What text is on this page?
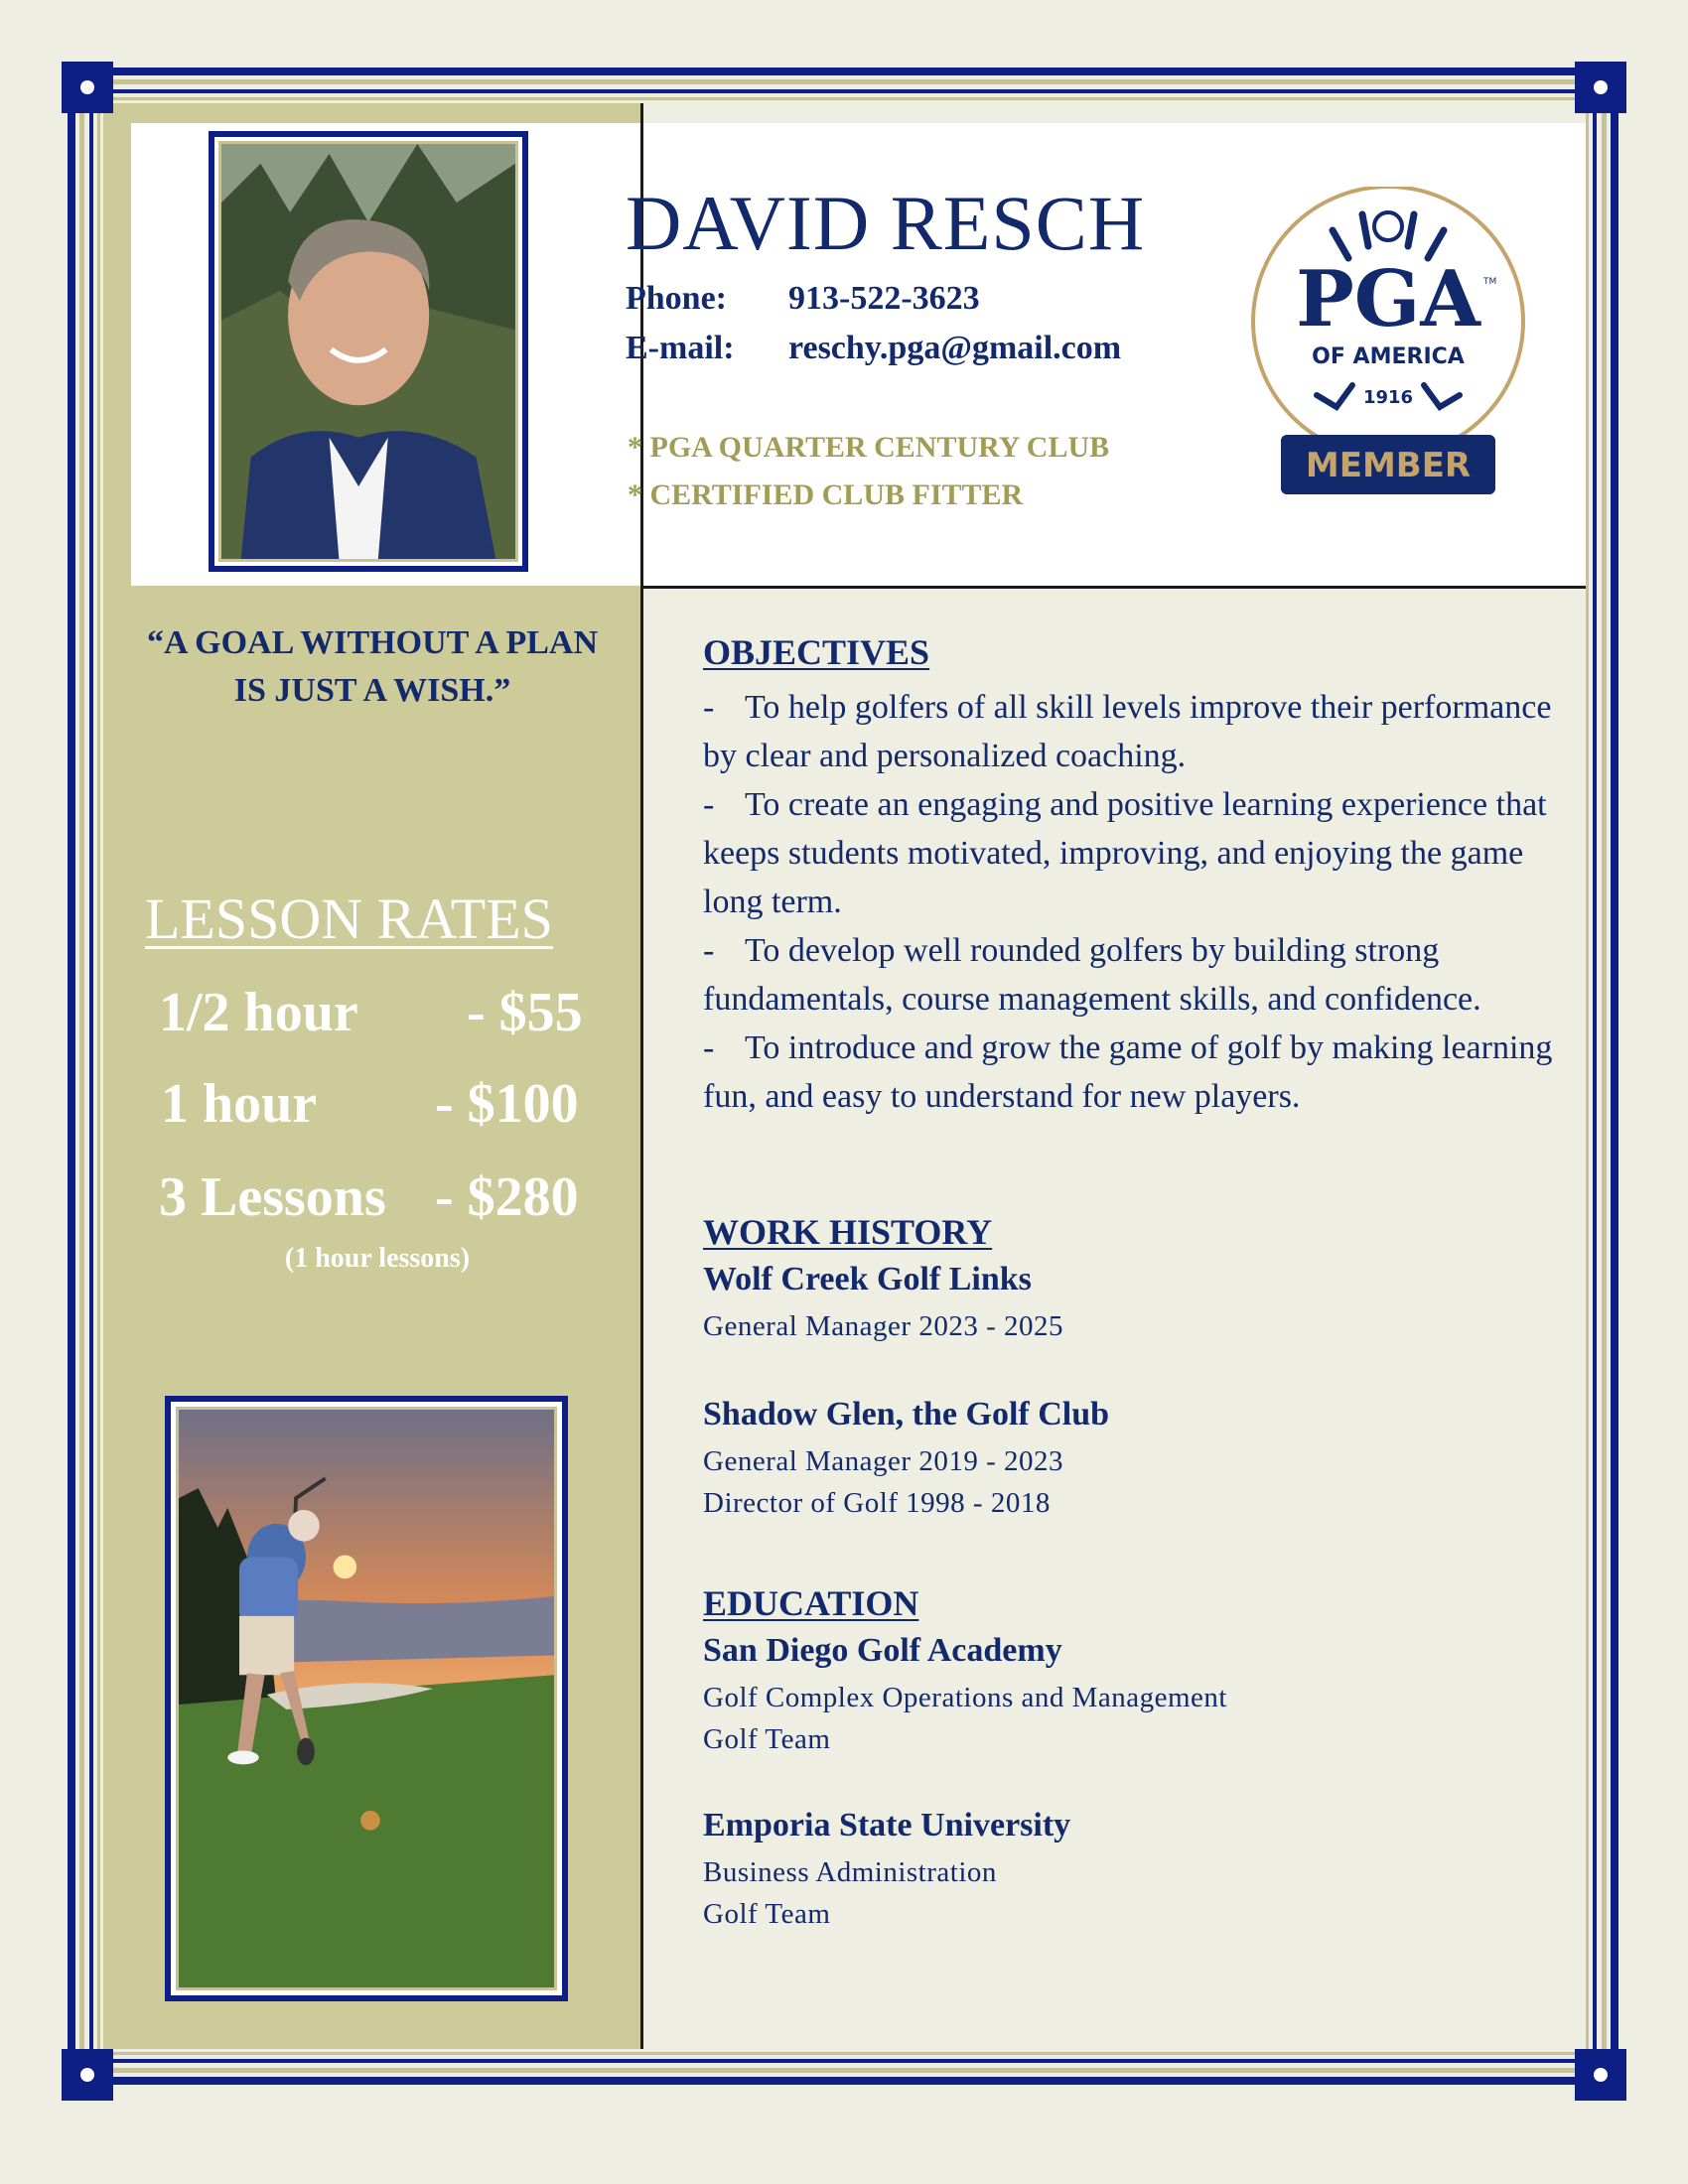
DAVID RESCH
Phone: 913-522-3623
E-mail: reschy.pga@gmail.com
* PGA QUARTER CENTURY CLUB
* CERTIFIED CLUB FITTER
PGA TM
OF AMERICA
1916
MEMBER
“A GOAL WITHOUT A PLAN IS JUST A WISH.”
LESSON RATES
1/2 hour - $55
1 hour - $100
3 Lessons - $280
(1 hour lessons)
OBJECTIVES

- To help golfers of all skill levels improve their performance by clear and personalized coaching.

- To create an engaging and positive learning experience that keeps students motivated, improving, and enjoying the game long term.

- To develop well rounded golfers by building strong fundamentals, course management skills, and confidence.

- To introduce and grow the game of golf by making learning fun, and easy to understand for new players.

WORK HISTORY
Wolf Creek Golf Links
General Manager 2023 - 2025
Shadow Glen, the Golf Club
General Manager 2019 - 2023
Director of Golf 1998 - 2018
EDUCATION
San Diego Golf Academy
Golf Complex Operations and Management
Golf Team
Emporia State University
Business Administration
Golf Team
